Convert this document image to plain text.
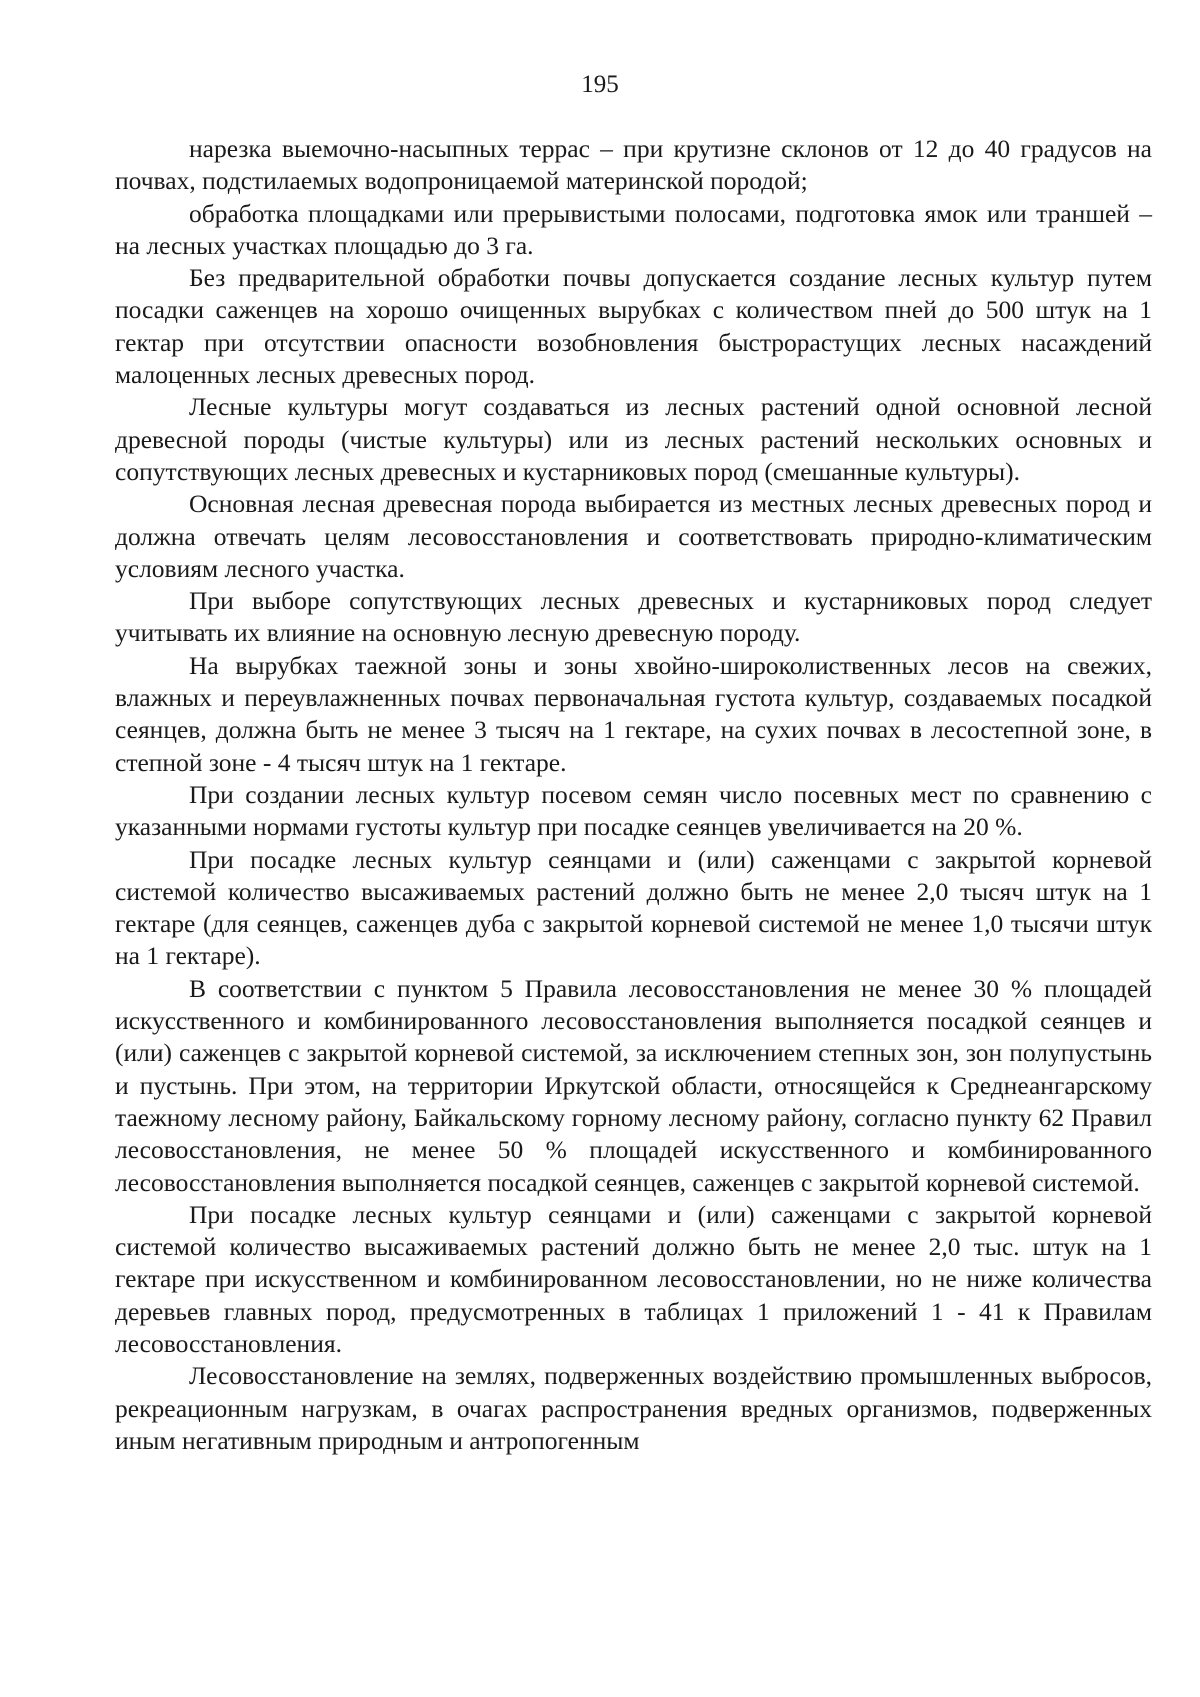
195

нарезка выемочно-насыпных террас – при крутизне склонов от 12 до 40 градусов на почвах, подстилаемых водопроницаемой материнской породой;

обработка площадками или прерывистыми полосами, подготовка ямок или траншей – на лесных участках площадью до 3 га.

Без предварительной обработки почвы допускается создание лесных культур путем посадки саженцев на хорошо очищенных вырубках с количеством пней до 500 штук на 1 гектар при отсутствии опасности возобновления быстрорастущих лесных насаждений малоценных лесных древесных пород.

Лесные культуры могут создаваться из лесных растений одной основной лесной древесной породы (чистые культуры) или из лесных растений нескольких основных и сопутствующих лесных древесных и кустарниковых пород (смешанные культуры).

Основная лесная древесная порода выбирается из местных лесных древесных пород и должна отвечать целям лесовосстановления и соответствовать природно-климатическим условиям лесного участка.

При выборе сопутствующих лесных древесных и кустарниковых пород следует учитывать их влияние на основную лесную древесную породу.

На вырубках таежной зоны и зоны хвойно-широколиственных лесов на свежих, влажных и переувлажненных почвах первоначальная густота культур, создаваемых посадкой сеянцев, должна быть не менее 3 тысяч на 1 гектаре, на сухих почвах в лесостепной зоне, в степной зоне - 4 тысяч штук на 1 гектаре.

При создании лесных культур посевом семян число посевных мест по сравнению с указанными нормами густоты культур при посадке сеянцев увеличивается на 20 %.

При посадке лесных культур сеянцами и (или) саженцами с закрытой корневой системой количество высаживаемых растений должно быть не менее 2,0 тысяч штук на 1 гектаре (для сеянцев, саженцев дуба с закрытой корневой системой не менее 1,0 тысячи штук на 1 гектаре).

В соответствии с пунктом 5 Правила лесовосстановления не менее 30 % площадей искусственного и комбинированного лесовосстановления выполняется посадкой сеянцев и (или) саженцев с закрытой корневой системой, за исключением степных зон, зон полупустынь и пустынь. При этом, на территории Иркутской области, относящейся к Среднеангарскому таежному лесному району, Байкальскому горному лесному району, согласно пункту 62 Правил лесовосстановления, не менее 50 % площадей искусственного и комбинированного лесовосстановления выполняется посадкой сеянцев, саженцев с закрытой корневой системой.

При посадке лесных культур сеянцами и (или) саженцами с закрытой корневой системой количество высаживаемых растений должно быть не менее 2,0 тыс. штук на 1 гектаре при искусственном и комбинированном лесовосстановлении, но не ниже количества деревьев главных пород, предусмотренных в таблицах 1 приложений 1 - 41 к Правилам лесовосстановления.

Лесовосстановление на землях, подверженных воздействию промышленных выбросов, рекреационным нагрузкам, в очагах распространения вредных организмов, подверженных иным негативным природным и антропогенным
